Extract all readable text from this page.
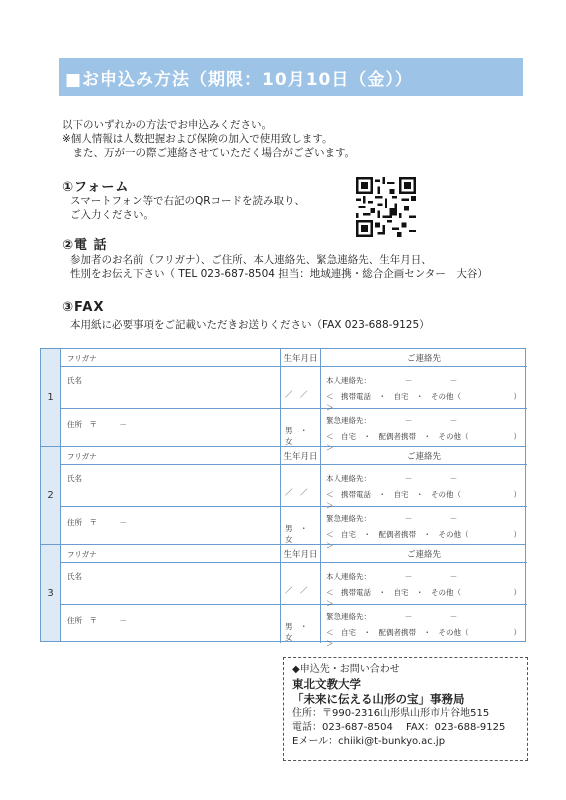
■お申込み方法（期限：10月10日（金））
以下のいずれかの方法でお申込みください。
※個人情報は人数把握および保険の加入で使用致します。
　また、万が一の際ご連絡させていただく場合がございます。
①フォーム
スマートフォン等で右記のQRコードを読み取り、
ご入力ください。
②電 話
参加者のお名前（フリガナ）、ご住所、本人連絡先、緊急連絡先、生年月日、
性別をお伝え下さい（ TEL 023-687-8504 担当：地域連携・総合企画センター　大谷）
③FAX
本用紙に必要事項をご記載いただきお送りください（FAX 023-688-9125）
1
フリガナ
氏名
住所　〒　　　－
生年月日
／　／
男　・　女
ご連絡先
本人連絡先：　　　　　－　　　　　－
＜　携帯電話　・　自宅　・　その他（　　　　　　　）＞
緊急連絡先：　　　　　－　　　　　－
＜　自宅　・　配偶者携帯　・　その他（　　　　　　）＞
2
フリガナ
氏名
住所　〒　　　－
生年月日
／　／
男　・　女
ご連絡先
本人連絡先：　　　　　－　　　　　－
＜　携帯電話　・　自宅　・　その他（　　　　　　　）＞
緊急連絡先：　　　　　－　　　　　－
＜　自宅　・　配偶者携帯　・　その他（　　　　　　）＞
3
フリガナ
氏名
住所　〒　　　－
生年月日
／　／
男　・　女
ご連絡先
本人連絡先：　　　　　－　　　　　－
＜　携帯電話　・　自宅　・　その他（　　　　　　　）＞
緊急連絡先：　　　　　－　　　　　－
＜　自宅　・　配偶者携帯　・　その他（　　　　　　）＞
◆申込先・お問い合わせ
東北文教大学
「未来に伝える山形の宝」事務局
住所：〒990-2316山形県山形市片谷地515
電話：023-687-8504　 FAX：023-688-9125
Eメール：chiiki@t-bunkyo.ac.jp
